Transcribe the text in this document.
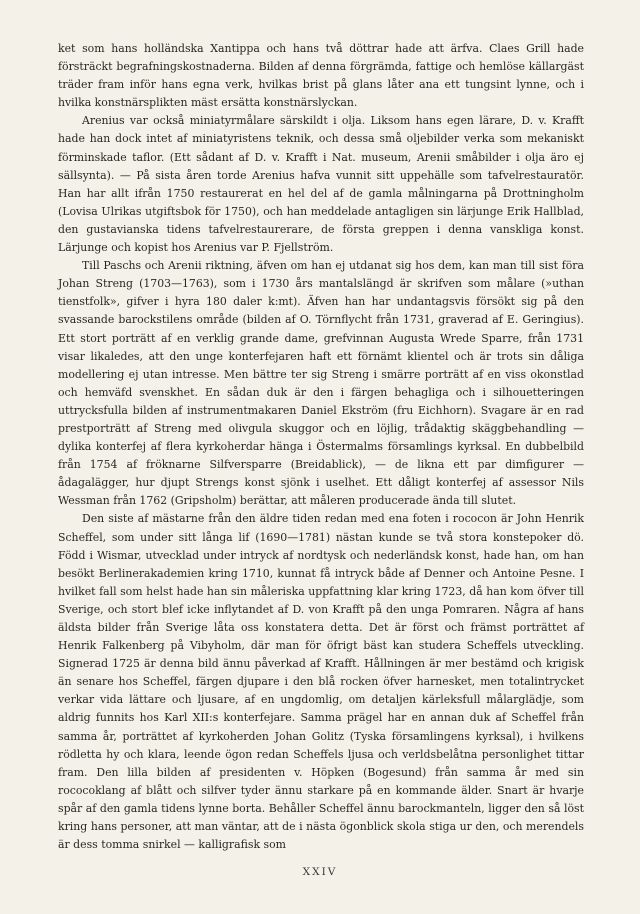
ket som hans holländska Xantippa och hans två döttrar hade att ärfva. Claes Grill hade försträckt begrafningskostnaderna. Bilden af denna förgrämda, fattige och hemlöse källargäst träder fram inför hans egna verk, hvilkas brist på glans låter ana ett tungsint lynne, och i hvilka konstnärsplikten mäst ersätta konstnärslyckan.

Arenius var också miniatyrmålare särskildt i olja. Liksom hans egen lärare, D. v. Krafft hade han dock intet af miniatyristens teknik, och dessa små oljebilder verka som mekaniskt förminskade taflor. (Ett sådant af D. v. Krafft i Nat. museum, Arenii småbilder i olja äro ej sällsynta). — På sista åren torde Arenius hafva vunnit sitt uppehälle som tafvelrestauratör. Han har allt ifrån 1750 restaurerat en hel del af de gamla målningarna på Drottningholm (Lovisa Ulrikas utgiftsbok för 1750), och han meddelade antagligen sin lärjunge Erik Hallblad, den gustavianska tidens tafvelrestaurerare, de första greppen i denna vanskliga konst. Lärjunge och kopist hos Arenius var P. Fjellström.

Till Paschs och Arenii riktning, äfven om han ej utdanat sig hos dem, kan man till sist föra Johan Streng (1703—1763), som i 1730 års mantalslängd är skrifven som målare (»uthan tienstfolk», gifver i hyra 180 daler k:mt). Äfven han har undantagsvis försökt sig på den svassande barockstilens område (bilden af O. Törnflycht från 1731, graverad af E. Geringius). Ett stort porträtt af en verklig grande dame, grefvinnan Augusta Wrede Sparre, från 1731 visar likaledes, att den unge konterfejaren haft ett förnämt klientel och är trots sin dåliga modellering ej utan intresse. Men bättre ter sig Streng i smärre porträtt af en viss okonstlad och hemväfd svenskhet. En sådan duk är den i färgen behagliga och i silhouetteringen uttrycksfulla bilden af instrumentmakaren Daniel Ekström (fru Eichhorn). Svagare är en rad prestporträtt af Streng med olivgula skuggor och en löjlig, trådaktig skäggbehandling — dylika konterfej af flera kyrkoherdar hänga i Östermalms församlings kyrksal. En dubbelbild från 1754 af fröknarne Silfversparre (Breidablick), — de likna ett par dimfigurer — ådagalägger, hur djupt Strengs konst sjönk i uselhet. Ett dåligt konterfej af assessor Nils Wessman från 1762 (Gripsholm) berättar, att måleren producerade ända till slutet.

Den siste af mästarne från den äldre tiden redan med ena foten i rococon är John Henrik Scheffel, som under sitt långa lif (1690—1781) nästan kunde se två stora konstepoker dö. Född i Wismar, utvecklad under intryck af nordtysk och nederländsk konst, hade han, om han besökt Berlinerakademien kring 1710, kunnat få intryck både af Denner och Antoine Pesne. I hvilket fall som helst hade han sin måleriska uppfattning klar kring 1723, då han kom öfver till Sverige, och stort blef icke inflytandet af D. von Krafft på den unga Pomraren. Några af hans äldsta bilder från Sverige låta oss konstatera detta. Det är först och främst porträttet af Henrik Falkenberg på Vibyholm, där man för öfrigt bäst kan studera Scheffels utveckling. Signerad 1725 är denna bild ännu påverkad af Krafft. Hållningen är mer bestämd och krigisk än senare hos Scheffel, färgen djupare i den blå rocken öfver harnesket, men totalintrycket verkar vida lättare och ljusare, af en ungdomlig, om detaljen kärleksfull målarglädje, som aldrig funnits hos Karl XII:s konterfejare. Samma prägel har en annan duk af Scheffel från samma år, porträttet af kyrkoherden Johan Golitz (Tyska församlingens kyrksal), i hvilkens rödletta hy och klara, leende ögon redan Scheffels ljusa och verldsbelåtna personlighet tittar fram. Den lilla bilden af presidenten v. Höpken (Bogesund) från samma år med sin rococoklang af blått och silfver tyder ännu starkare på en kommande älder. Snart är hvarje spår af den gamla tidens lynne borta. Behåller Scheffel ännu barockmanteln, ligger den så löst kring hans personer, att man väntar, att de i nästa ögonblick skola stiga ur den, och merendels är dess tomma snirkel — kalligrafisk som

XXIV
